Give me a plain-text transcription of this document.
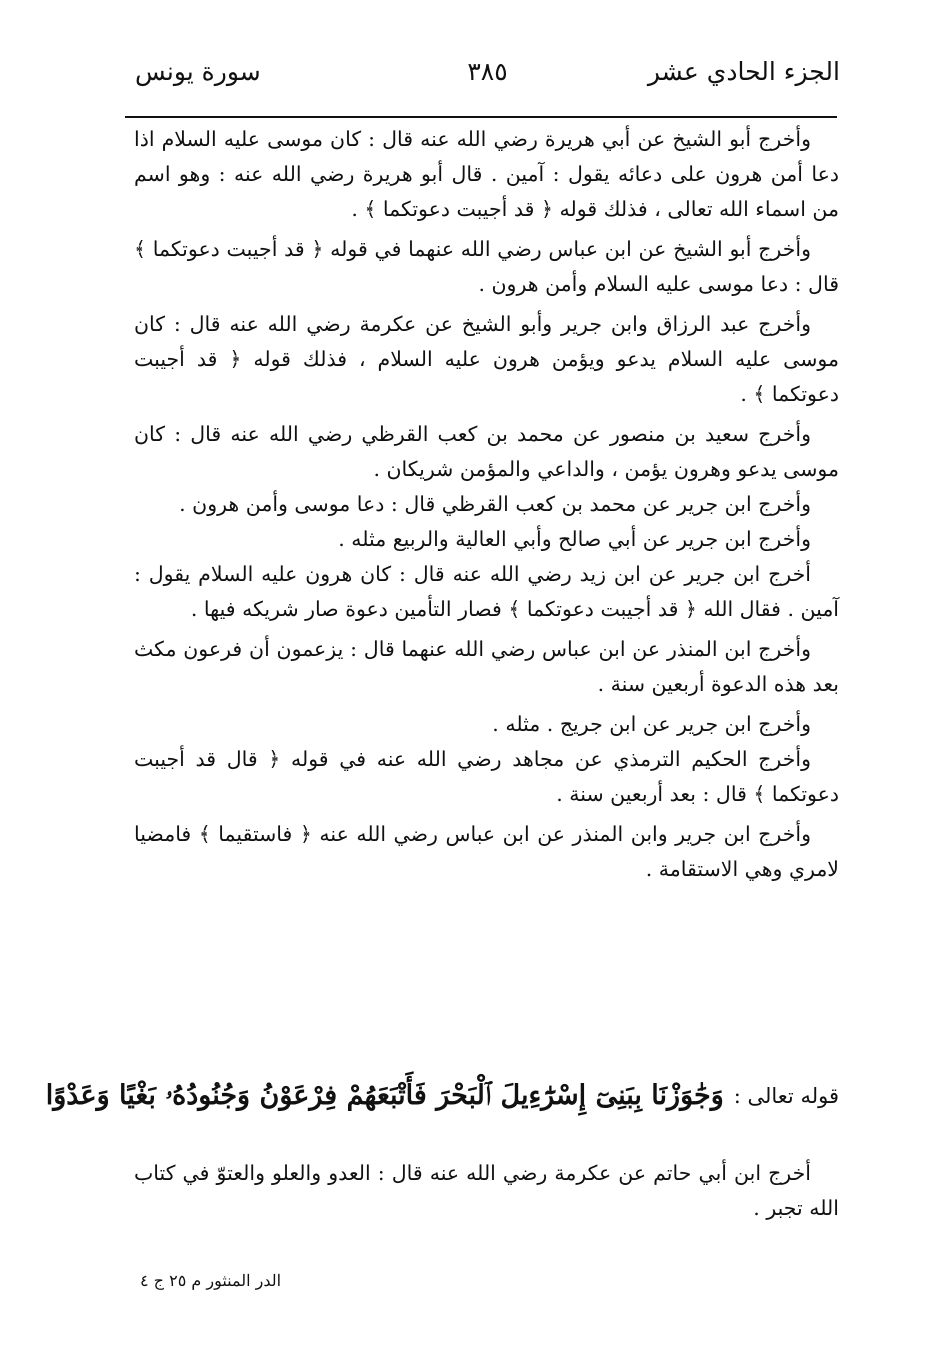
الجزء الحادي عشر
٣٨٥
سورة يونس

وأخرج أبو الشيخ عن أبي هريرة رضي الله عنه قال : كان موسى عليه السلام اذا دعا أمن هرون على دعائه يقول : آمين . قال أبو هريرة رضي الله عنه : وهو اسم من اسماء الله تعالى ، فذلك قوله ﴿ قد أجيبت دعوتكما ﴾ .

وأخرج أبو الشيخ عن ابن عباس رضي الله عنهما في قوله ﴿ قد أجيبت دعوتكما ﴾ قال : دعا موسى عليه السلام وأمن هرون .

وأخرج عبد الرزاق وابن جرير وأبو الشيخ عن عكرمة رضي الله عنه قال : كان موسى عليه السلام يدعو ويؤمن هرون عليه السلام ، فذلك قوله ﴿ قد أجيبت دعوتكما ﴾ .

وأخرج سعيد بن منصور عن محمد بن كعب القرظي رضي الله عنه قال : كان موسى يدعو وهرون يؤمن ، والداعي والمؤمن شريكان .

وأخرج ابن جرير عن محمد بن كعب القرظي قال : دعا موسى وأمن هرون .

وأخرج ابن جرير عن أبي صالح وأبي العالية والربيع مثله .

أخرج ابن جرير عن ابن زيد رضي الله عنه قال : كان هرون عليه السلام يقول : آمين . فقال الله ﴿ قد أجيبت دعوتكما ﴾ فصار التأمين دعوة صار شريكه فيها .

وأخرج ابن المنذر عن ابن عباس رضي الله عنهما قال : يزعمون أن فرعون مكث بعد هذه الدعوة أربعين سنة .

وأخرج ابن جرير عن ابن جريج . مثله .

وأخرج الحكيم الترمذي عن مجاهد رضي الله عنه في قوله ﴿ قال قد أجيبت دعوتكما ﴾ قال : بعد أربعين سنة .

وأخرج ابن جرير وابن المنذر عن ابن عباس رضي الله عنه ﴿ فاستقيما ﴾ فامضيا لامري وهي الاستقامة .

قوله تعالى :
وَجَٰوَزْنَا بِبَنِىٓ إِسْرَٰٓءِيلَ ٱلْبَحْرَ فَأَتْبَعَهُمْ فِرْعَوْنُ وَجُنُودُهُۥ بَغْيًا وَعَدْوًا

أخرج ابن أبي حاتم عن عكرمة رضي الله عنه قال : العدو والعلو والعتوّ في كتاب الله تجبر .

الدر المنثور م ٢٥ ج ٤
